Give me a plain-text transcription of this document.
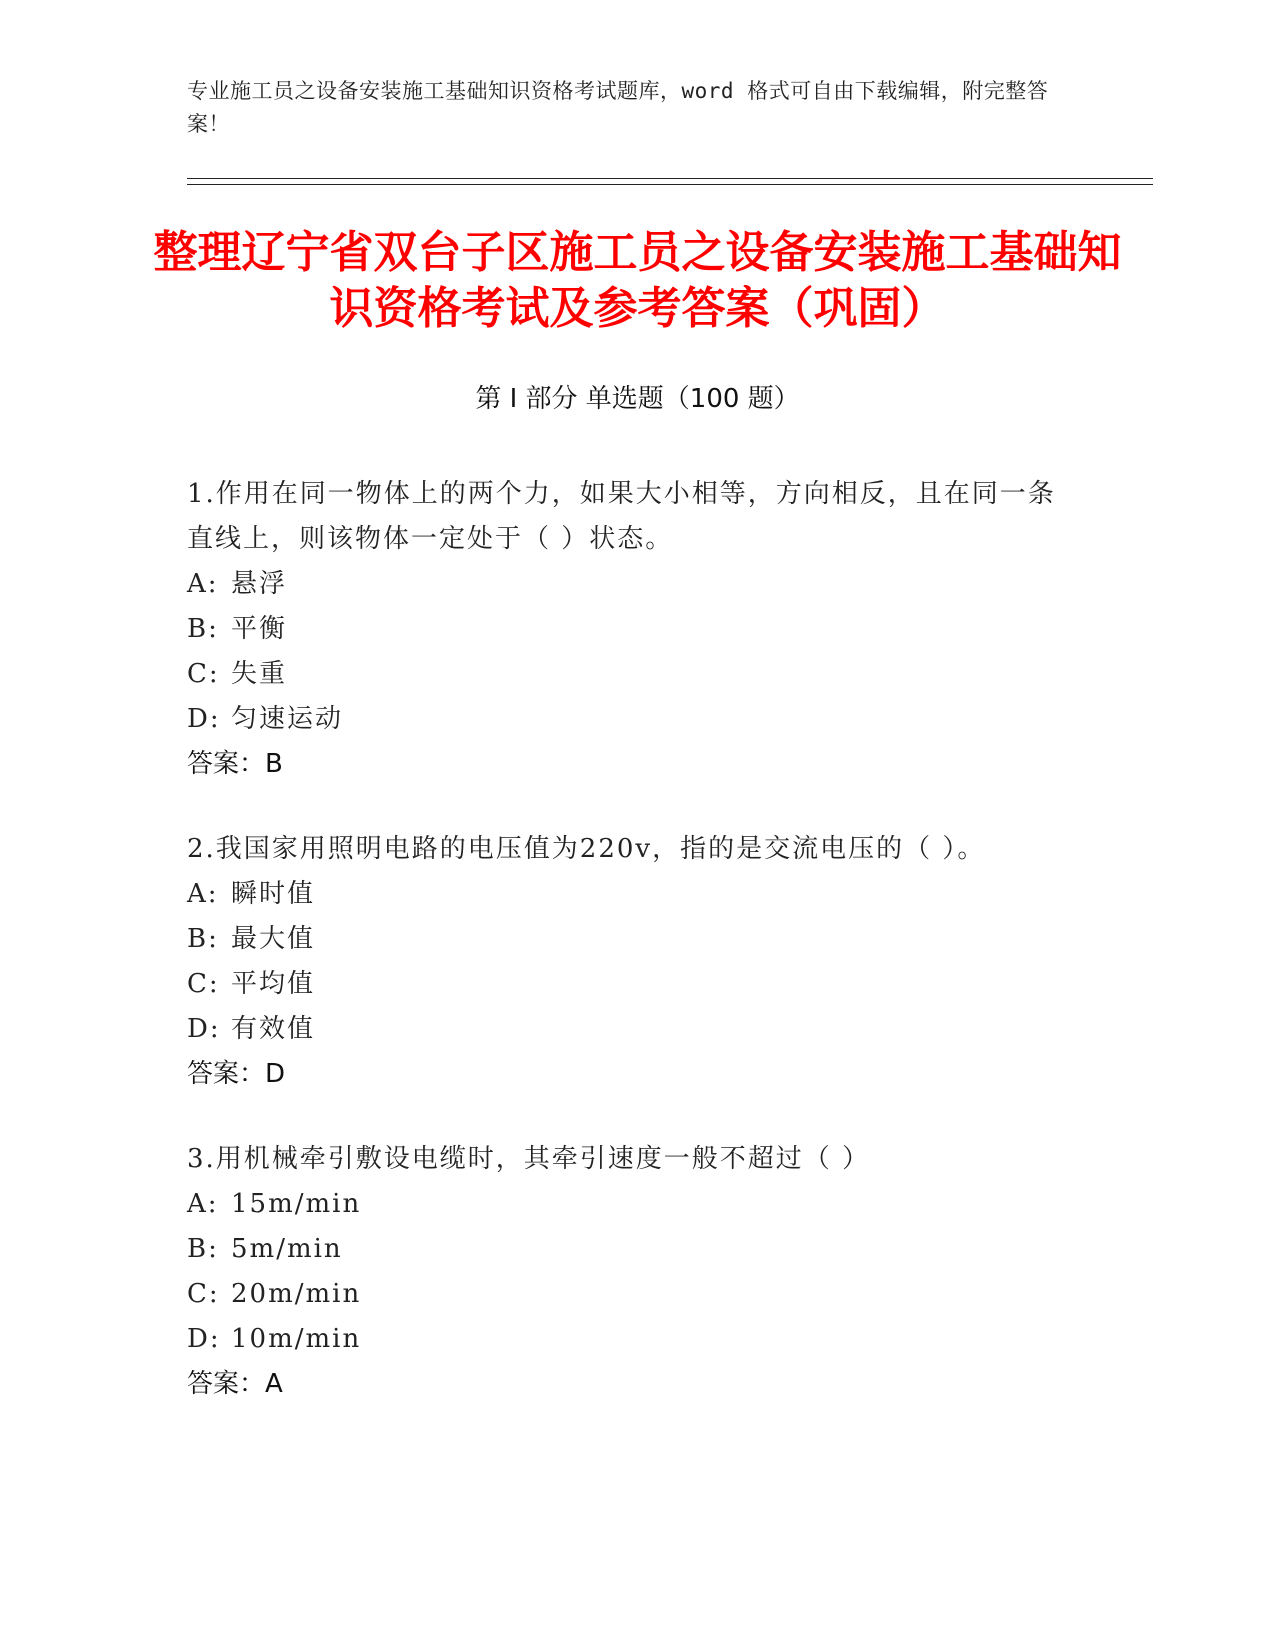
专业施工员之设备安装施工基础知识资格考试题库，word 格式可自由下载编辑，附完整答案！
整理辽宁省双台子区施工员之设备安装施工基础知识资格考试及参考答案（巩固）
第 I 部分 单选题（100 题）
1.作用在同一物体上的两个力，如果大小相等，方向相反，且在同一条直线上，则该物体一定处于（ ）状态。
A: 悬浮
B: 平衡
C: 失重
D: 匀速运动
答案：B
2.我国家用照明电路的电压值为220v，指的是交流电压的（ ）。
A: 瞬时值
B: 最大值
C: 平均值
D: 有效值
答案：D
3.用机械牵引敷设电缆时，其牵引速度一般不超过（ ）
A: 15m/min
B: 5m/min
C: 20m/min
D: 10m/min
答案：A
